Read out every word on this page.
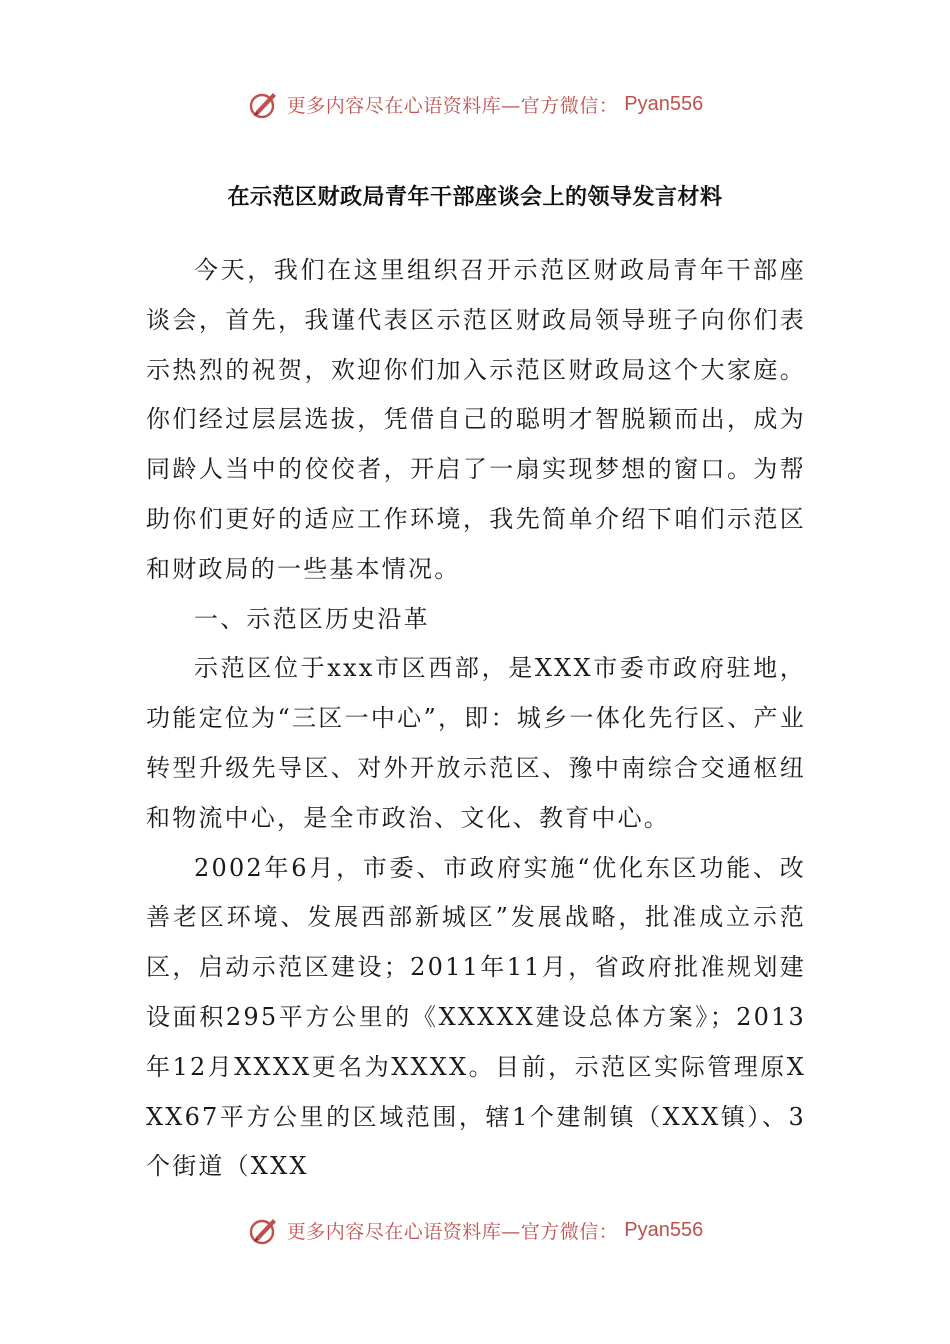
更多内容尽在心语资料库—官方微信： Pyan556
在示范区财政局青年干部座谈会上的领导发言材料

今天，我们在这里组织召开示范区财政局青年干部座谈会，首先，我谨代表区示范区财政局领导班子向你们表示热烈的祝贺，欢迎你们加入示范区财政局这个大家庭。你们经过层层选拔，凭借自己的聪明才智脱颖而出，成为同龄人当中的佼佼者，开启了一扇实现梦想的窗口。为帮助你们更好的适应工作环境，我先简单介绍下咱们示范区和财政局的一些基本情况。

一、示范区历史沿革

示范区位于xxx市区西部，是XXX市委市政府驻地，功能定位为“三区一中心”，即：城乡一体化先行区、产业转型升级先导区、对外开放示范区、豫中南综合交通枢纽和物流中心，是全市政治、文化、教育中心。

2002年6月，市委、市政府实施“优化东区功能、改善老区环境、发展西部新城区”发展战略，批准成立示范区，启动示范区建设；2011年11月，省政府批准规划建设面积295平方公里的《XXXXX建设总体方案》；2013年12月XXXX更名为XXXX。目前，示范区实际管理原XXX67平方公里的区域范围，辖1个建制镇（XXX镇）、3个街道（XXX

更多内容尽在心语资料库—官方微信： Pyan556
